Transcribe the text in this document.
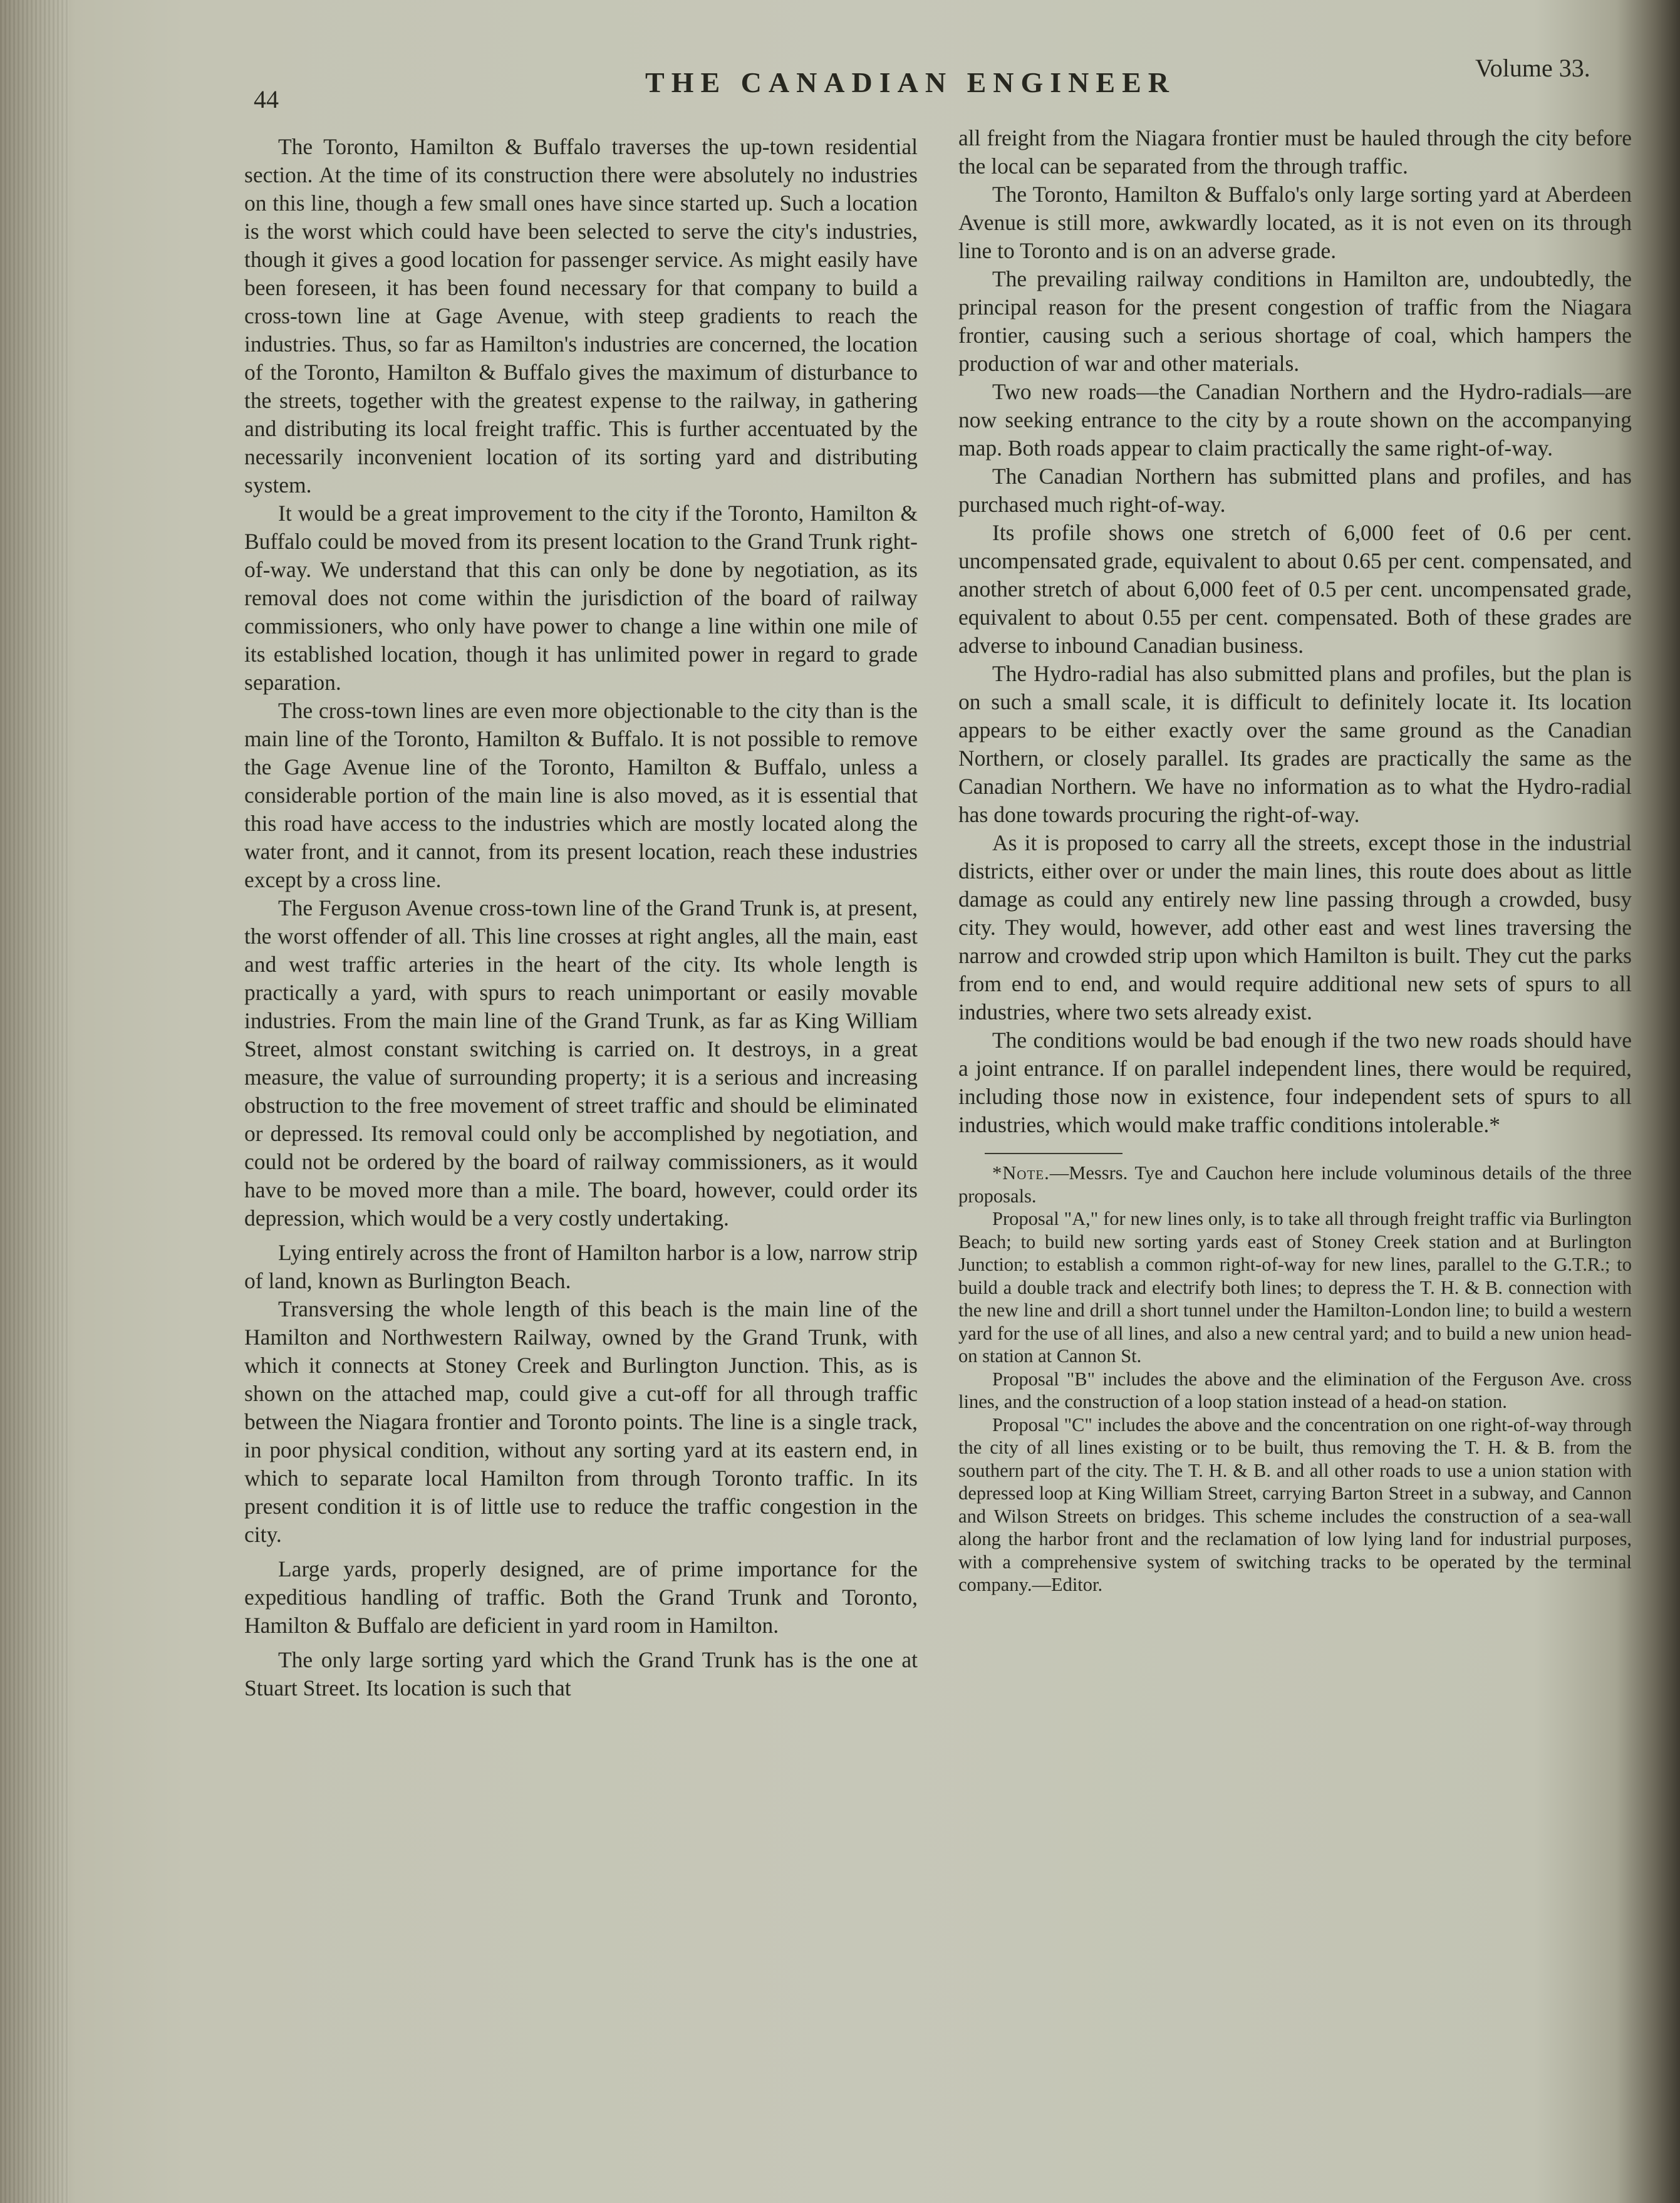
44
THE CANADIAN ENGINEER	Volume 33.

The Toronto, Hamilton & Buffalo traverses the up-town residential section. At the time of its construction there were absolutely no industries on this line, though a few small ones have since started up. Such a location is the worst which could have been selected to serve the city's industries, though it gives a good location for passenger service. As might easily have been foreseen, it has been found necessary for that company to build a cross-town line at Gage Avenue, with steep gradients to reach the industries. Thus, so far as Hamilton's industries are concerned, the location of the Toronto, Hamilton & Buffalo gives the maximum of disturbance to the streets, together with the greatest expense to the railway, in gathering and distributing its local freight traffic. This is further accentuated by the necessarily inconvenient location of its sorting yard and distributing system.

It would be a great improvement to the city if the Toronto, Hamilton & Buffalo could be moved from its present location to the Grand Trunk right-of-way. We understand that this can only be done by negotiation, as its removal does not come within the jurisdiction of the board of railway commissioners, who only have power to change a line within one mile of its established location, though it has unlimited power in regard to grade separation.

The cross-town lines are even more objectionable to the city than is the main line of the Toronto, Hamilton & Buffalo. It is not possible to remove the Gage Avenue line of the Toronto, Hamilton & Buffalo, unless a considerable portion of the main line is also moved, as it is essential that this road have access to the industries which are mostly located along the water front, and it cannot, from its present location, reach these industries except by a cross line.

The Ferguson Avenue cross-town line of the Grand Trunk is, at present, the worst offender of all. This line crosses at right angles, all the main, east and west traffic arteries in the heart of the city. Its whole length is practically a yard, with spurs to reach unimportant or easily movable industries. From the main line of the Grand Trunk, as far as King William Street, almost constant switching is carried on. It destroys, in a great measure, the value of surrounding property; it is a serious and increasing obstruction to the free movement of street traffic and should be eliminated or depressed. Its removal could only be accomplished by negotiation, and could not be ordered by the board of railway commissioners, as it would have to be moved more than a mile. The board, however, could order its depression, which would be a very costly undertaking.

Lying entirely across the front of Hamilton harbor is a low, narrow strip of land, known as Burlington Beach.

Transversing the whole length of this beach is the main line of the Hamilton and Northwestern Railway, owned by the Grand Trunk, with which it connects at Stoney Creek and Burlington Junction. This, as is shown on the attached map, could give a cut-off for all through traffic between the Niagara frontier and Toronto points. The line is a single track, in poor physical condition, without any sorting yard at its eastern end, in which to separate local Hamilton from through Toronto traffic. In its present condition it is of little use to reduce the traffic congestion in the city.

Large yards, properly designed, are of prime importance for the expeditious handling of traffic. Both the Grand Trunk and Toronto, Hamilton & Buffalo are deficient in yard room in Hamilton.

The only large sorting yard which the Grand Trunk has is the one at Stuart Street. Its location is such that

all freight from the Niagara frontier must be hauled through the city before the local can be separated from the through traffic.

The Toronto, Hamilton & Buffalo's only large sorting yard at Aberdeen Avenue is still more, awkwardly located, as it is not even on its through line to Toronto and is on an adverse grade.

The prevailing railway conditions in Hamilton are, undoubtedly, the principal reason for the present congestion of traffic from the Niagara frontier, causing such a serious shortage of coal, which hampers the production of war and other materials.

Two new roads—the Canadian Northern and the Hydro-radials—are now seeking entrance to the city by a route shown on the accompanying map. Both roads appear to claim practically the same right-of-way.

The Canadian Northern has submitted plans and profiles, and has purchased much right-of-way.

Its profile shows one stretch of 6,000 feet of 0.6 per cent. uncompensated grade, equivalent to about 0.65 per cent. compensated, and another stretch of about 6,000 feet of 0.5 per cent. uncompensated grade, equivalent to about 0.55 per cent. compensated. Both of these grades are adverse to inbound Canadian business.

The Hydro-radial has also submitted plans and profiles, but the plan is on such a small scale, it is difficult to definitely locate it. Its location appears to be either exactly over the same ground as the Canadian Northern, or closely parallel. Its grades are practically the same as the Canadian Northern. We have no information as to what the Hydro-radial has done towards procuring the right-of-way.

As it is proposed to carry all the streets, except those in the industrial districts, either over or under the main lines, this route does about as little damage as could any entirely new line passing through a crowded, busy city. They would, however, add other east and west lines traversing the narrow and crowded strip upon which Hamilton is built. They cut the parks from end to end, and would require additional new sets of spurs to all industries, where two sets already exist.

The conditions would be bad enough if the two new roads should have a joint entrance. If on parallel independent lines, there would be required, including those now in existence, four independent sets of spurs to all industries, which would make traffic conditions intolerable.*

*Note.—Messrs. Tye and Cauchon here include voluminous details of the three proposals.

Proposal "A," for new lines only, is to take all through freight traffic via Burlington Beach; to build new sorting yards east of Stoney Creek station and at Burlington Junction; to establish a common right-of-way for new lines, parallel to the G.T.R.; to build a double track and electrify both lines; to depress the T. H. & B. connection with the new line and drill a short tunnel under the Hamilton-London line; to build a western yard for the use of all lines, and also a new central yard; and to build a new union head-on station at Cannon St.

Proposal "B" includes the above and the elimination of the Ferguson Ave. cross lines, and the construction of a loop station instead of a head-on station.

Proposal "C" includes the above and the concentration on one right-of-way through the city of all lines existing or to be built, thus removing the T. H. & B. from the southern part of the city. The T. H. & B. and all other roads to use a union station with depressed loop at King William Street, carrying Barton Street in a subway, and Cannon and Wilson Streets on bridges. This scheme includes the construction of a sea-wall along the harbor front and the reclamation of low lying land for industrial purposes, with a comprehensive system of switching tracks to be operated by the terminal company.—Editor.
